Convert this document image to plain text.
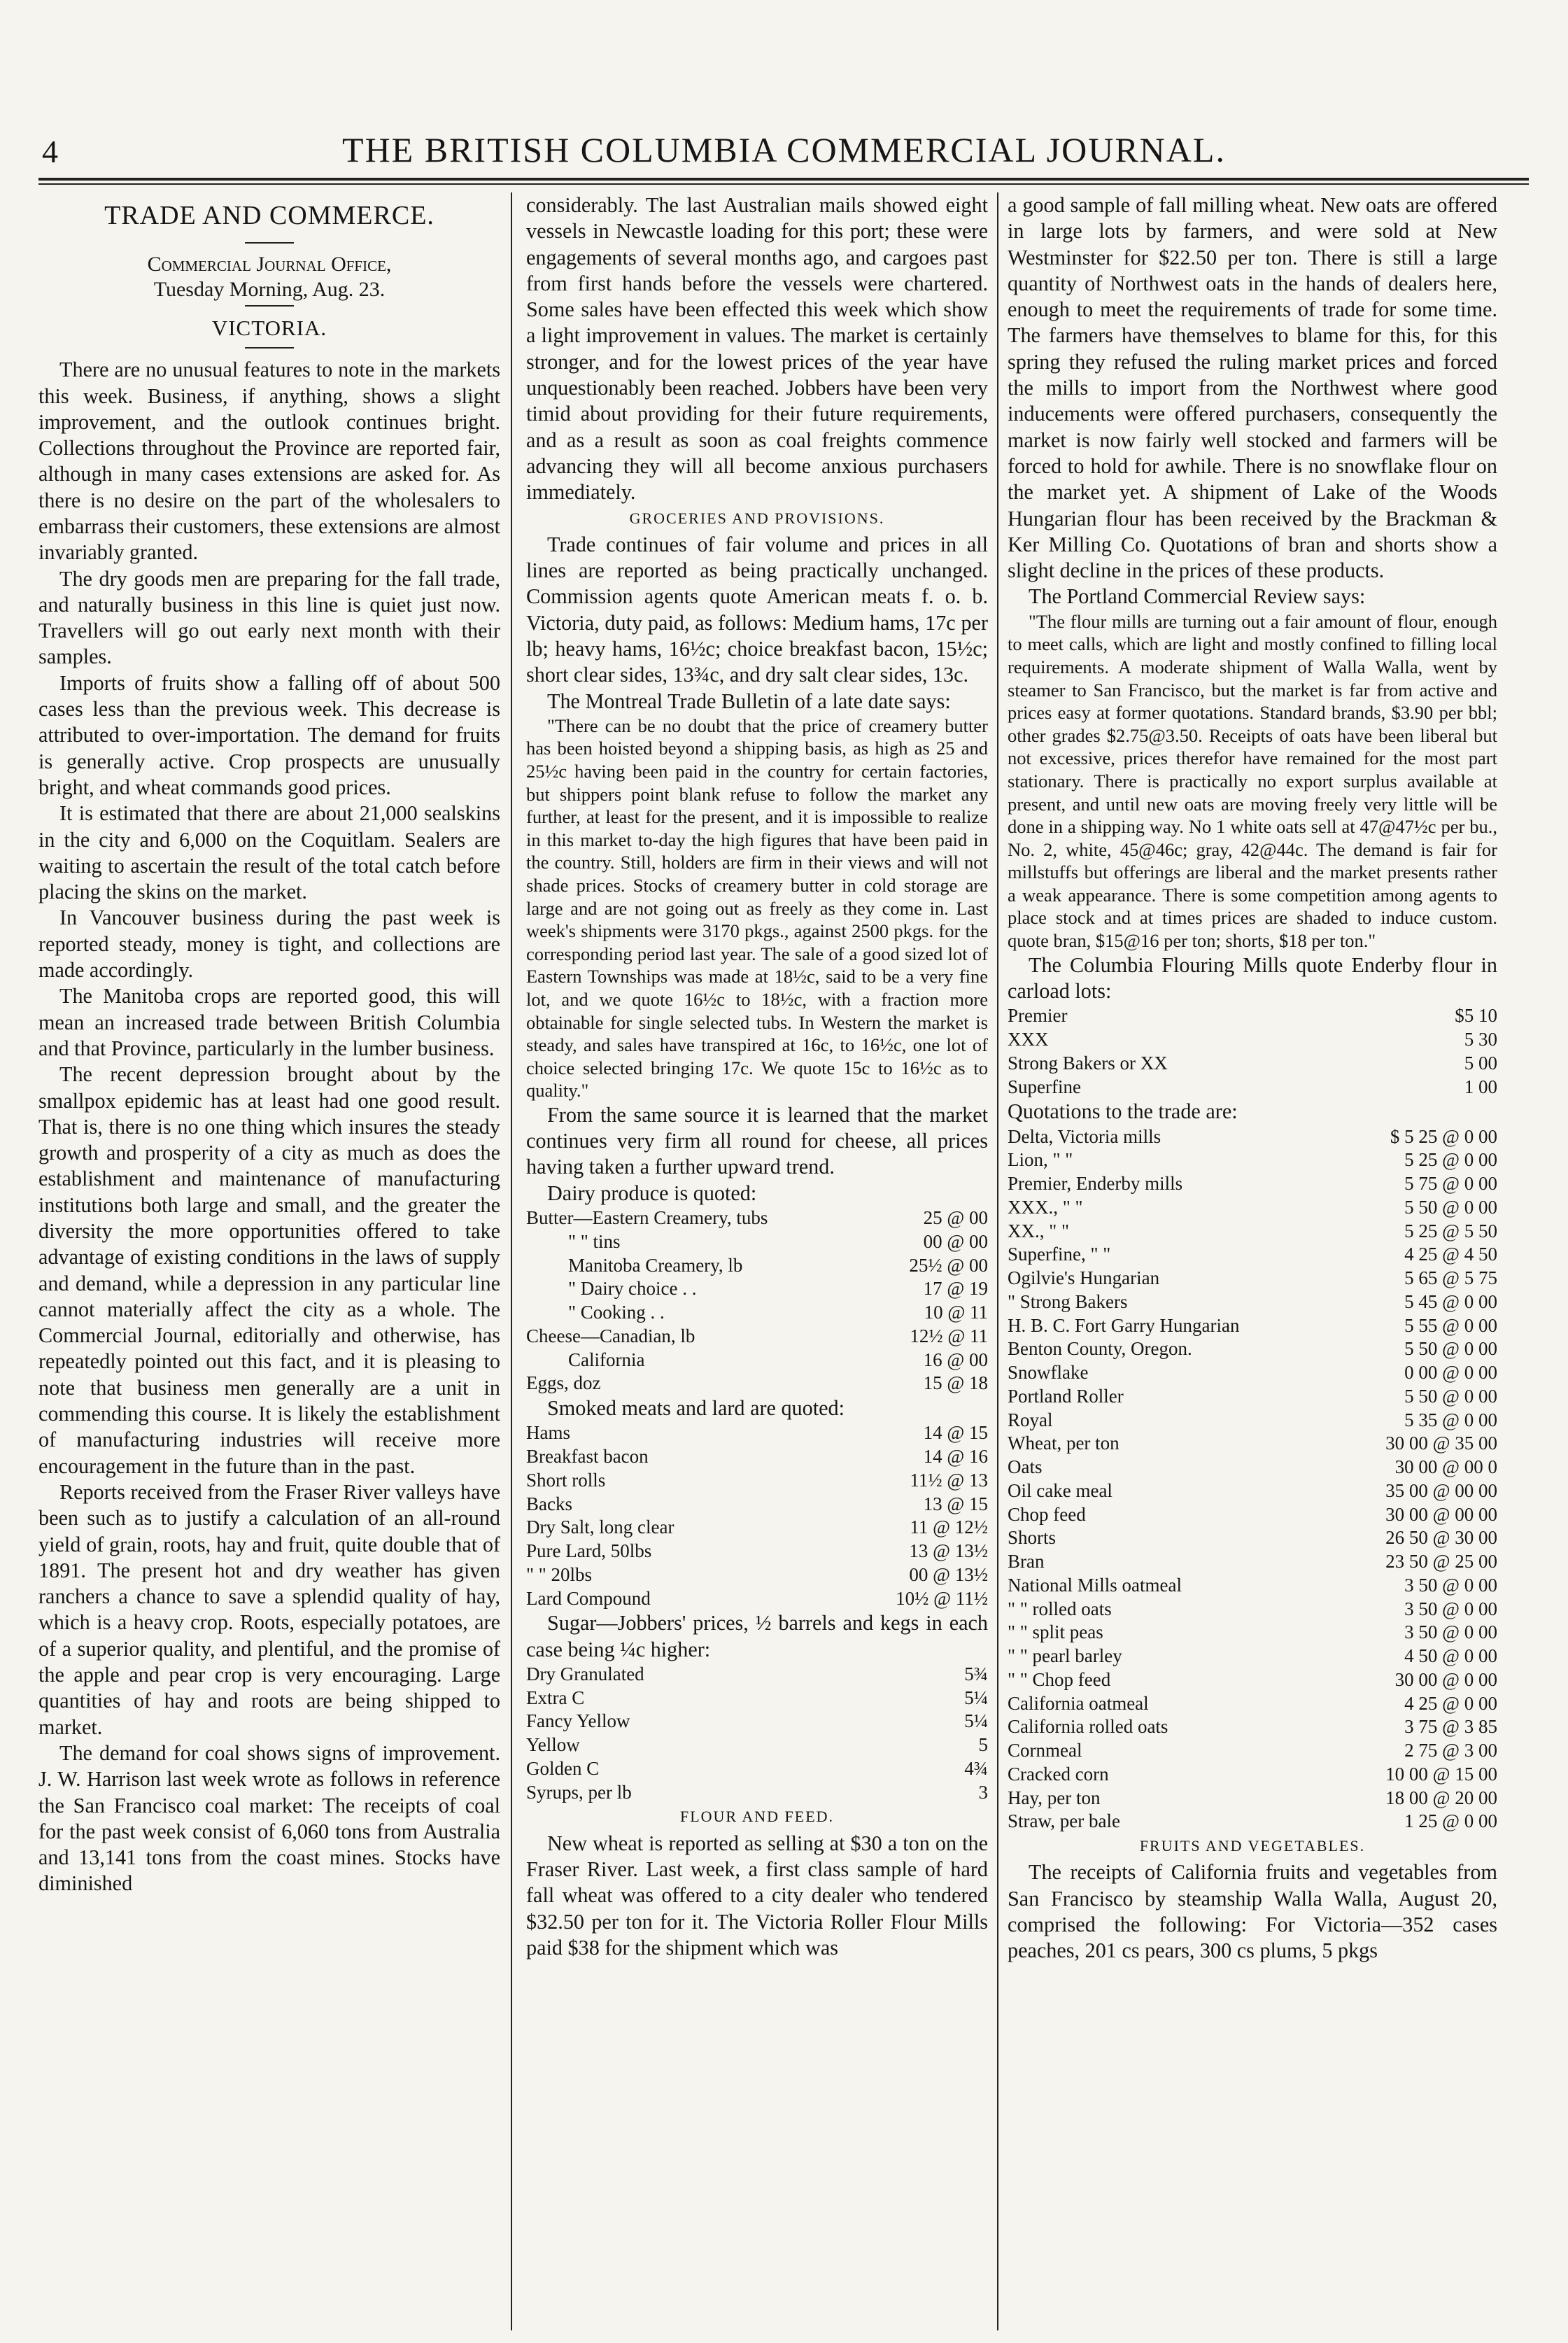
4	THE BRITISH COLUMBIA COMMERCIAL JOURNAL.
TRADE AND COMMERCE.
Commercial Journal Office,
Tuesday Morning, Aug. 23.
VICTORIA.

There are no unusual features to note in the markets this week. Business, if anything, shows a slight improvement, and the outlook continues bright. Collections throughout the Province are reported fair, although in many cases extensions are asked for. As there is no desire on the part of the wholesalers to embarrass their customers, these extensions are almost invariably granted.

The dry goods men are preparing for the fall trade, and naturally business in this line is quiet just now. Travellers will go out early next month with their samples.

Imports of fruits show a falling off of about 500 cases less than the previous week. This decrease is attributed to over-importation. The demand for fruits is generally active. Crop prospects are unusually bright, and wheat commands good prices.

It is estimated that there are about 21,000 sealskins in the city and 6,000 on the Coquitlam. Sealers are waiting to ascertain the result of the total catch before placing the skins on the market.

In Vancouver business during the past week is reported steady, money is tight, and collections are made accordingly.

The Manitoba crops are reported good, this will mean an increased trade between British Columbia and that Province, particularly in the lumber business.

The recent depression brought about by the smallpox epidemic has at least had one good result. That is, there is no one thing which insures the steady growth and prosperity of a city as much as does the establishment and maintenance of manufacturing institutions both large and small, and the greater the diversity the more opportunities offered to take advantage of existing conditions in the laws of supply and demand, while a depression in any particular line cannot materially affect the city as a whole. The Commercial Journal, editorially and otherwise, has repeatedly pointed out this fact, and it is pleasing to note that business men generally are a unit in commending this course. It is likely the establishment of manufacturing industries will receive more encouragement in the future than in the past.

Reports received from the Fraser River valleys have been such as to justify a calculation of an all-round yield of grain, roots, hay and fruit, quite double that of 1891. The present hot and dry weather has given ranchers a chance to save a splendid quality of hay, which is a heavy crop. Roots, especially potatoes, are of a superior quality, and plentiful, and the promise of the apple and pear crop is very encouraging. Large quantities of hay and roots are being shipped to market.

The demand for coal shows signs of improvement. J. W. Harrison last week wrote as follows in reference the San Francisco coal market: The receipts of coal for the past week consist of 6,060 tons from Australia and 13,141 tons from the coast mines. Stocks have diminished

considerably. The last Australian mails showed eight vessels in Newcastle loading for this port; these were engagements of several months ago, and cargoes past from first hands before the vessels were chartered. Some sales have been effected this week which show a light improvement in values. The market is certainly stronger, and for the lowest prices of the year have unquestionably been reached. Jobbers have been very timid about providing for their future requirements, and as a result as soon as coal freights commence advancing they will all become anxious purchasers immediately.

GROCERIES AND PROVISIONS.

Trade continues of fair volume and prices in all lines are reported as being practically unchanged. Commission agents quote American meats f. o. b. Victoria, duty paid, as follows: Medium hams, 17c per lb; heavy hams, 16½c; choice breakfast bacon, 15½c; short clear sides, 13¾c, and dry salt clear sides, 13c.

The Montreal Trade Bulletin of a late date says:

"There can be no doubt that the price of creamery butter has been hoisted beyond a shipping basis, as high as 25 and 25½c having been paid in the country for certain factories, but shippers point blank refuse to follow the market any further, at least for the present, and it is impossible to realize in this market to-day the high figures that have been paid in the country. Still, holders are firm in their views and will not shade prices. Stocks of creamery butter in cold storage are large and are not going out as freely as they come in. Last week's shipments were 3170 pkgs., against 2500 pkgs. for the corresponding period last year. The sale of a good sized lot of Eastern Townships was made at 18½c, said to be a very fine lot, and we quote 16½c to 18½c, with a fraction more obtainable for single selected tubs. In Western the market is steady, and sales have transpired at 16c, to 16½c, one lot of choice selected bringing 17c. We quote 15c to 16½c as to quality."

From the same source it is learned that the market continues very firm all round for cheese, all prices having taken a further upward trend.

Dairy produce is quoted:

Butter—Eastern Creamery, tubs	25 @ 00
" " tins	00 @ 00
Manitoba Creamery, lb	25½ @ 00
" Dairy choice . .	17 @ 19
" Cooking . .	10 @ 11
Cheese—Canadian, lb	12½ @ 11
California	16 @ 00
Eggs, doz	15 @ 18

Smoked meats and lard are quoted:

Hams	14 @ 15
Breakfast bacon	14 @ 16
Short rolls	11½ @ 13
Backs	13 @ 15
Dry Salt, long clear	11 @ 12½
Pure Lard, 50lbs	13 @ 13½
" " 20lbs	00 @ 13½
Lard Compound	10½ @ 11½

Sugar—Jobbers' prices, ½ barrels and kegs in each case being ¼c higher:

Dry Granulated	5¾
Extra C	5¼
Fancy Yellow	5¼
Yellow	5
Golden C	4¾
Syrups, per lb	3
FLOUR AND FEED.

New wheat is reported as selling at $30 a ton on the Fraser River. Last week, a first class sample of hard fall wheat was offered to a city dealer who tendered $32.50 per ton for it. The Victoria Roller Flour Mills paid $38 for the shipment which was

a good sample of fall milling wheat. New oats are offered in large lots by farmers, and were sold at New Westminster for $22.50 per ton. There is still a large quantity of Northwest oats in the hands of dealers here, enough to meet the requirements of trade for some time. The farmers have themselves to blame for this, for this spring they refused the ruling market prices and forced the mills to import from the Northwest where good inducements were offered purchasers, consequently the market is now fairly well stocked and farmers will be forced to hold for awhile. There is no snowflake flour on the market yet. A shipment of Lake of the Woods Hungarian flour has been received by the Brackman & Ker Milling Co. Quotations of bran and shorts show a slight decline in the prices of these products.

The Portland Commercial Review says:

"The flour mills are turning out a fair amount of flour, enough to meet calls, which are light and mostly confined to filling local requirements. A moderate shipment of Walla Walla, went by steamer to San Francisco, but the market is far from active and prices easy at former quotations. Standard brands, $3.90 per bbl; other grades $2.75@3.50. Receipts of oats have been liberal but not excessive, prices therefor have remained for the most part stationary. There is practically no export surplus available at present, and until new oats are moving freely very little will be done in a shipping way. No 1 white oats sell at 47@47½c per bu., No. 2, white, 45@46c; gray, 42@44c. The demand is fair for millstuffs but offerings are liberal and the market presents rather a weak appearance. There is some competition among agents to place stock and at times prices are shaded to induce custom. quote bran, $15@16 per ton; shorts, $18 per ton."

The Columbia Flouring Mills quote Enderby flour in carload lots:

Premier	$5 10
XXX	5 30
Strong Bakers or XX	5 00
Superfine	1 00

Quotations to the trade are:

Delta, Victoria mills	$ 5 25 @ 0 00
Lion, " "	5 25 @ 0 00
Premier, Enderby mills	5 75 @ 0 00
XXX., " "	5 50 @ 0 00
XX., " "	5 25 @ 5 50
Superfine, " "	4 25 @ 4 50
Ogilvie's Hungarian	5 65 @ 5 75
" Strong Bakers	5 45 @ 0 00
H. B. C. Fort Garry Hungarian	5 55 @ 0 00
Benton County, Oregon.	5 50 @ 0 00
Snowflake	0 00 @ 0 00
Portland Roller	5 50 @ 0 00
Royal	5 35 @ 0 00
Wheat, per ton	30 00 @ 35 00
Oats	30 00 @ 00 0
Oil cake meal	35 00 @ 00 00
Chop feed	30 00 @ 00 00
Shorts	26 50 @ 30 00
Bran	23 50 @ 25 00
National Mills oatmeal	3 50 @ 0 00
" " rolled oats	3 50 @ 0 00
" " split peas	3 50 @ 0 00
" " pearl barley	4 50 @ 0 00
" " Chop feed	30 00 @ 0 00
California oatmeal	4 25 @ 0 00
California rolled oats	3 75 @ 3 85
Cornmeal	2 75 @ 3 00
Cracked corn	10 00 @ 15 00
Hay, per ton	18 00 @ 20 00
Straw, per bale	1 25 @ 0 00
FRUITS AND VEGETABLES.

The receipts of California fruits and vegetables from San Francisco by steamship Walla Walla, August 20, comprised the following: For Victoria—352 cases peaches, 201 cs pears, 300 cs plums, 5 pkgs
